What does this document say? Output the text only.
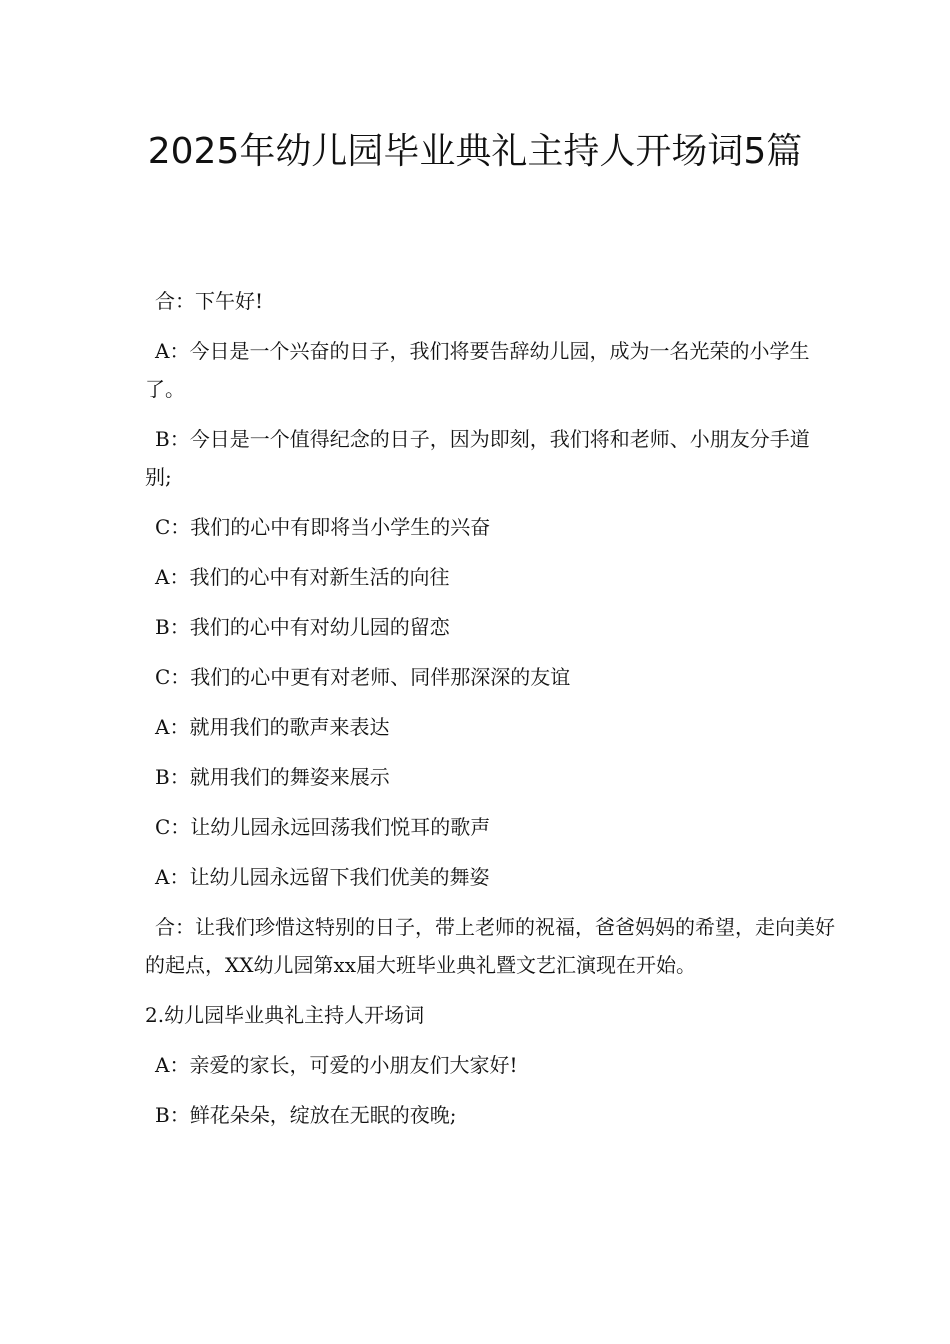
2025年幼儿园毕业典礼主持人开场词5篇

合：下午好!

A：今日是一个兴奋的日子，我们将要告辞幼儿园，成为一名光荣的小学生了。

B：今日是一个值得纪念的日子，因为即刻，我们将和老师、小朋友分手道别;

C：我们的心中有即将当小学生的兴奋

A：我们的心中有对新生活的向往

B：我们的心中有对幼儿园的留恋

C：我们的心中更有对老师、同伴那深深的友谊

A：就用我们的歌声来表达

B：就用我们的舞姿来展示

C：让幼儿园永远回荡我们悦耳的歌声

A：让幼儿园永远留下我们优美的舞姿

合：让我们珍惜这特别的日子，带上老师的祝福，爸爸妈妈的希望，走向美好的起点，XX幼儿园第xx届大班毕业典礼暨文艺汇演现在开始。

2.幼儿园毕业典礼主持人开场词

A：亲爱的家长，可爱的小朋友们大家好!

B：鲜花朵朵，绽放在无眠的夜晚;
